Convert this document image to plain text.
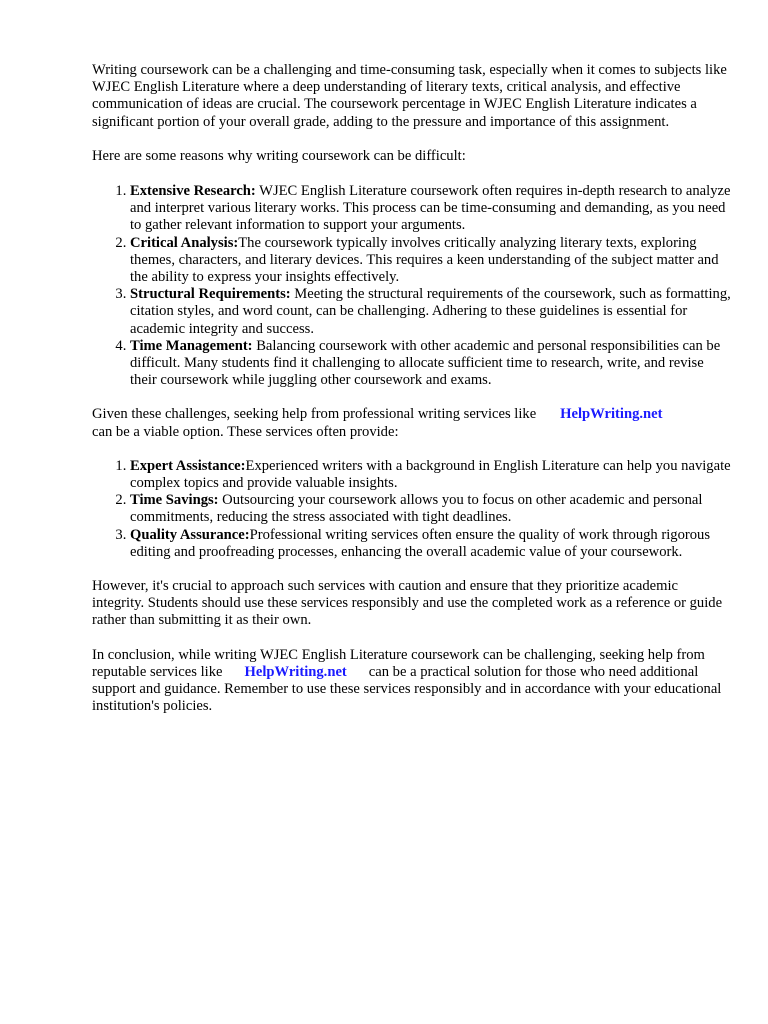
Writing coursework can be a challenging and time-consuming task, especially when it comes to subjects like WJEC English Literature where a deep understanding of literary texts, critical analysis, and effective communication of ideas are crucial. The coursework percentage in WJEC English Literature indicates a significant portion of your overall grade, adding to the pressure and importance of this assignment.

Here are some reasons why writing coursework can be difficult:

1. Extensive Research: WJEC English Literature coursework often requires in-depth research to analyze and interpret various literary works. This process can be time-consuming and demanding, as you need to gather relevant information to support your arguments.
2. Critical Analysis:The coursework typically involves critically analyzing literary texts, exploring themes, characters, and literary devices. This requires a keen understanding of the subject matter and the ability to express your insights effectively.
3. Structural Requirements: Meeting the structural requirements of the coursework, such as formatting, citation styles, and word count, can be challenging. Adhering to these guidelines is essential for academic integrity and success.
4. Time Management: Balancing coursework with other academic and personal responsibilities can be difficult. Many students find it challenging to allocate sufficient time to research, write, and revise their coursework while juggling other coursework and exams.

Given these challenges, seeking help from professional writing services like HelpWriting.net
can be a viable option. These services often provide:

1. Expert Assistance:Experienced writers with a background in English Literature can help you navigate complex topics and provide valuable insights.
2. Time Savings: Outsourcing your coursework allows you to focus on other academic and personal commitments, reducing the stress associated with tight deadlines.
3. Quality Assurance:Professional writing services often ensure the quality of work through rigorous editing and proofreading processes, enhancing the overall academic value of your coursework.

However, it's crucial to approach such services with caution and ensure that they prioritize academic integrity. Students should use these services responsibly and use the completed work as a reference or guide rather than submitting it as their own.

In conclusion, while writing WJEC English Literature coursework can be challenging, seeking help from reputable services like HelpWriting.net can be a practical solution for those who need additional support and guidance. Remember to use these services responsibly and in accordance with your educational institution's policies.
